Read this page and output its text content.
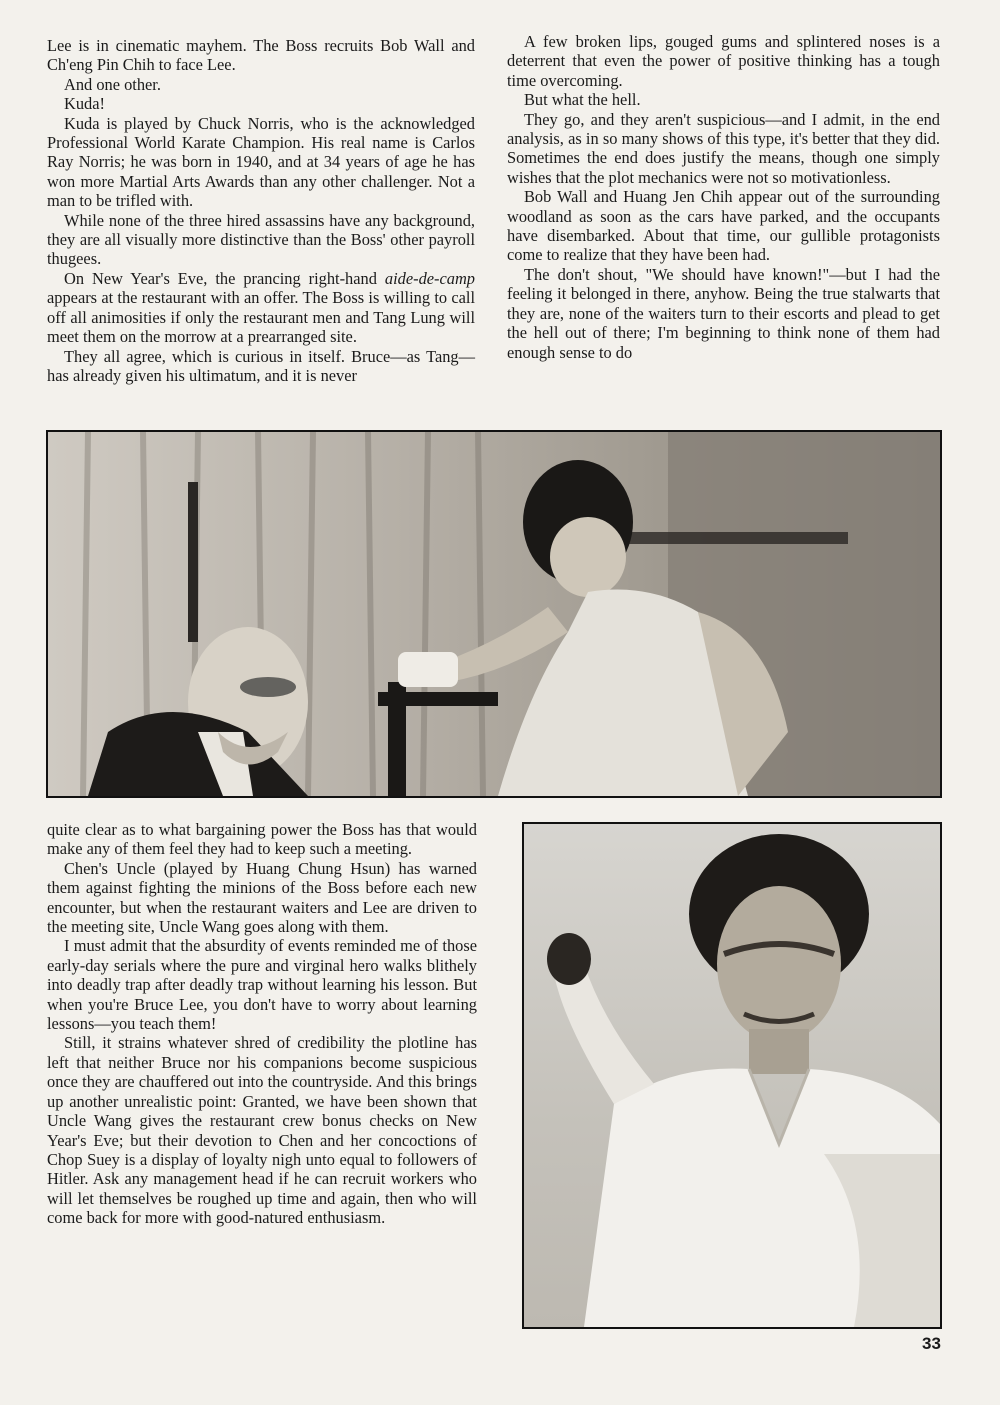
Lee is in cinematic mayhem. The Boss recruits Bob Wall and Ch'eng Pin Chih to face Lee.

And one other.

Kuda!

Kuda is played by Chuck Norris, who is the acknowledged Professional World Karate Champion. His real name is Carlos Ray Norris; he was born in 1940, and at 34 years of age he has won more Martial Arts Awards than any other challenger. Not a man to be trifled with.

While none of the three hired assassins have any background, they are all visually more distinctive than the Boss' other payroll thugees.

On New Year's Eve, the prancing right-hand aide-de-camp appears at the restaurant with an offer. The Boss is willing to call off all animosities if only the restaurant men and Tang Lung will meet them on the morrow at a prearranged site.

They all agree, which is curious in itself. Bruce—as Tang—has already given his ultimatum, and it is never

A few broken lips, gouged gums and splintered noses is a deterrent that even the power of positive thinking has a tough time overcoming.

But what the hell.

They go, and they aren't suspicious—and I admit, in the end analysis, as in so many shows of this type, it's better that they did. Sometimes the end does justify the means, though one simply wishes that the plot mechanics were not so motivationless.

Bob Wall and Huang Jen Chih appear out of the surrounding woodland as soon as the cars have parked, and the occupants have disembarked. About that time, our gullible protagonists come to realize that they have been had.

The don't shout, "We should have known!"—but I had the feeling it belonged in there, anyhow. Being the true stalwarts that they are, none of the waiters turn to their escorts and plead to get the hell out of there; I'm beginning to think none of them had enough sense to do

quite clear as to what bargaining power the Boss has that would make any of them feel they had to keep such a meeting.

Chen's Uncle (played by Huang Chung Hsun) has warned them against fighting the minions of the Boss before each new encounter, but when the restaurant waiters and Lee are driven to the meeting site, Uncle Wang goes along with them.

I must admit that the absurdity of events reminded me of those early-day serials where the pure and virginal hero walks blithely into deadly trap after deadly trap without learning his lesson. But when you're Bruce Lee, you don't have to worry about learning lessons—you teach them!

Still, it strains whatever shred of credibility the plotline has left that neither Bruce nor his companions become suspicious once they are chauffered out into the countryside. And this brings up another unrealistic point: Granted, we have been shown that Uncle Wang gives the restaurant crew bonus checks on New Year's Eve; but their devotion to Chen and her concoctions of Chop Suey is a display of loyalty nigh unto equal to followers of Hitler. Ask any management head if he can recruit workers who will let themselves be roughed up time and again, then who will come back for more with good-natured enthusiasm.

33
